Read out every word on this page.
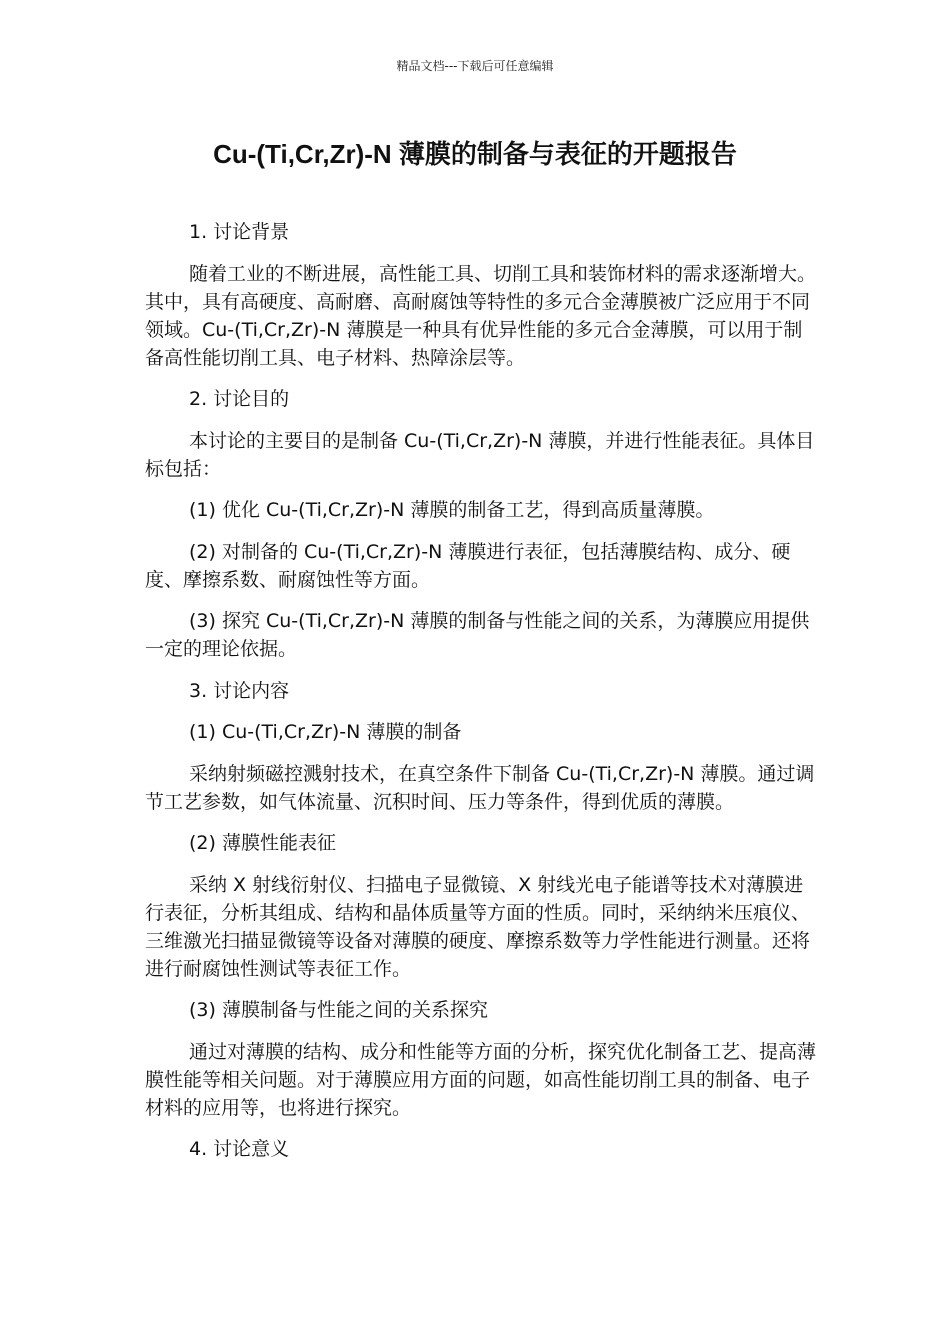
精品文档---下载后可任意编辑
Cu-(Ti,Cr,Zr)-N 薄膜的制备与表征的开题报告

1. 讨论背景

随着工业的不断进展，高性能工具、切削工具和装饰材料的需求逐渐增大。其中，具有高硬度、高耐磨、高耐腐蚀等特性的多元合金薄膜被广泛应用于不同领域。Cu-(Ti,Cr,Zr)-N 薄膜是一种具有优异性能的多元合金薄膜，可以用于制备高性能切削工具、电子材料、热障涂层等。

2. 讨论目的

本讨论的主要目的是制备 Cu-(Ti,Cr,Zr)-N 薄膜，并进行性能表征。具体目标包括：

(1) 优化 Cu-(Ti,Cr,Zr)-N 薄膜的制备工艺，得到高质量薄膜。

(2) 对制备的 Cu-(Ti,Cr,Zr)-N 薄膜进行表征，包括薄膜结构、成分、硬度、摩擦系数、耐腐蚀性等方面。

(3) 探究 Cu-(Ti,Cr,Zr)-N 薄膜的制备与性能之间的关系，为薄膜应用提供一定的理论依据。

3. 讨论内容

(1) Cu-(Ti,Cr,Zr)-N 薄膜的制备

采纳射频磁控溅射技术，在真空条件下制备 Cu-(Ti,Cr,Zr)-N 薄膜。通过调节工艺参数，如气体流量、沉积时间、压力等条件，得到优质的薄膜。

(2) 薄膜性能表征

采纳 X 射线衍射仪、扫描电子显微镜、X 射线光电子能谱等技术对薄膜进行表征，分析其组成、结构和晶体质量等方面的性质。同时，采纳纳米压痕仪、三维激光扫描显微镜等设备对薄膜的硬度、摩擦系数等力学性能进行测量。还将进行耐腐蚀性测试等表征工作。

(3) 薄膜制备与性能之间的关系探究

通过对薄膜的结构、成分和性能等方面的分析，探究优化制备工艺、提高薄膜性能等相关问题。对于薄膜应用方面的问题，如高性能切削工具的制备、电子材料的应用等，也将进行探究。

4. 讨论意义
